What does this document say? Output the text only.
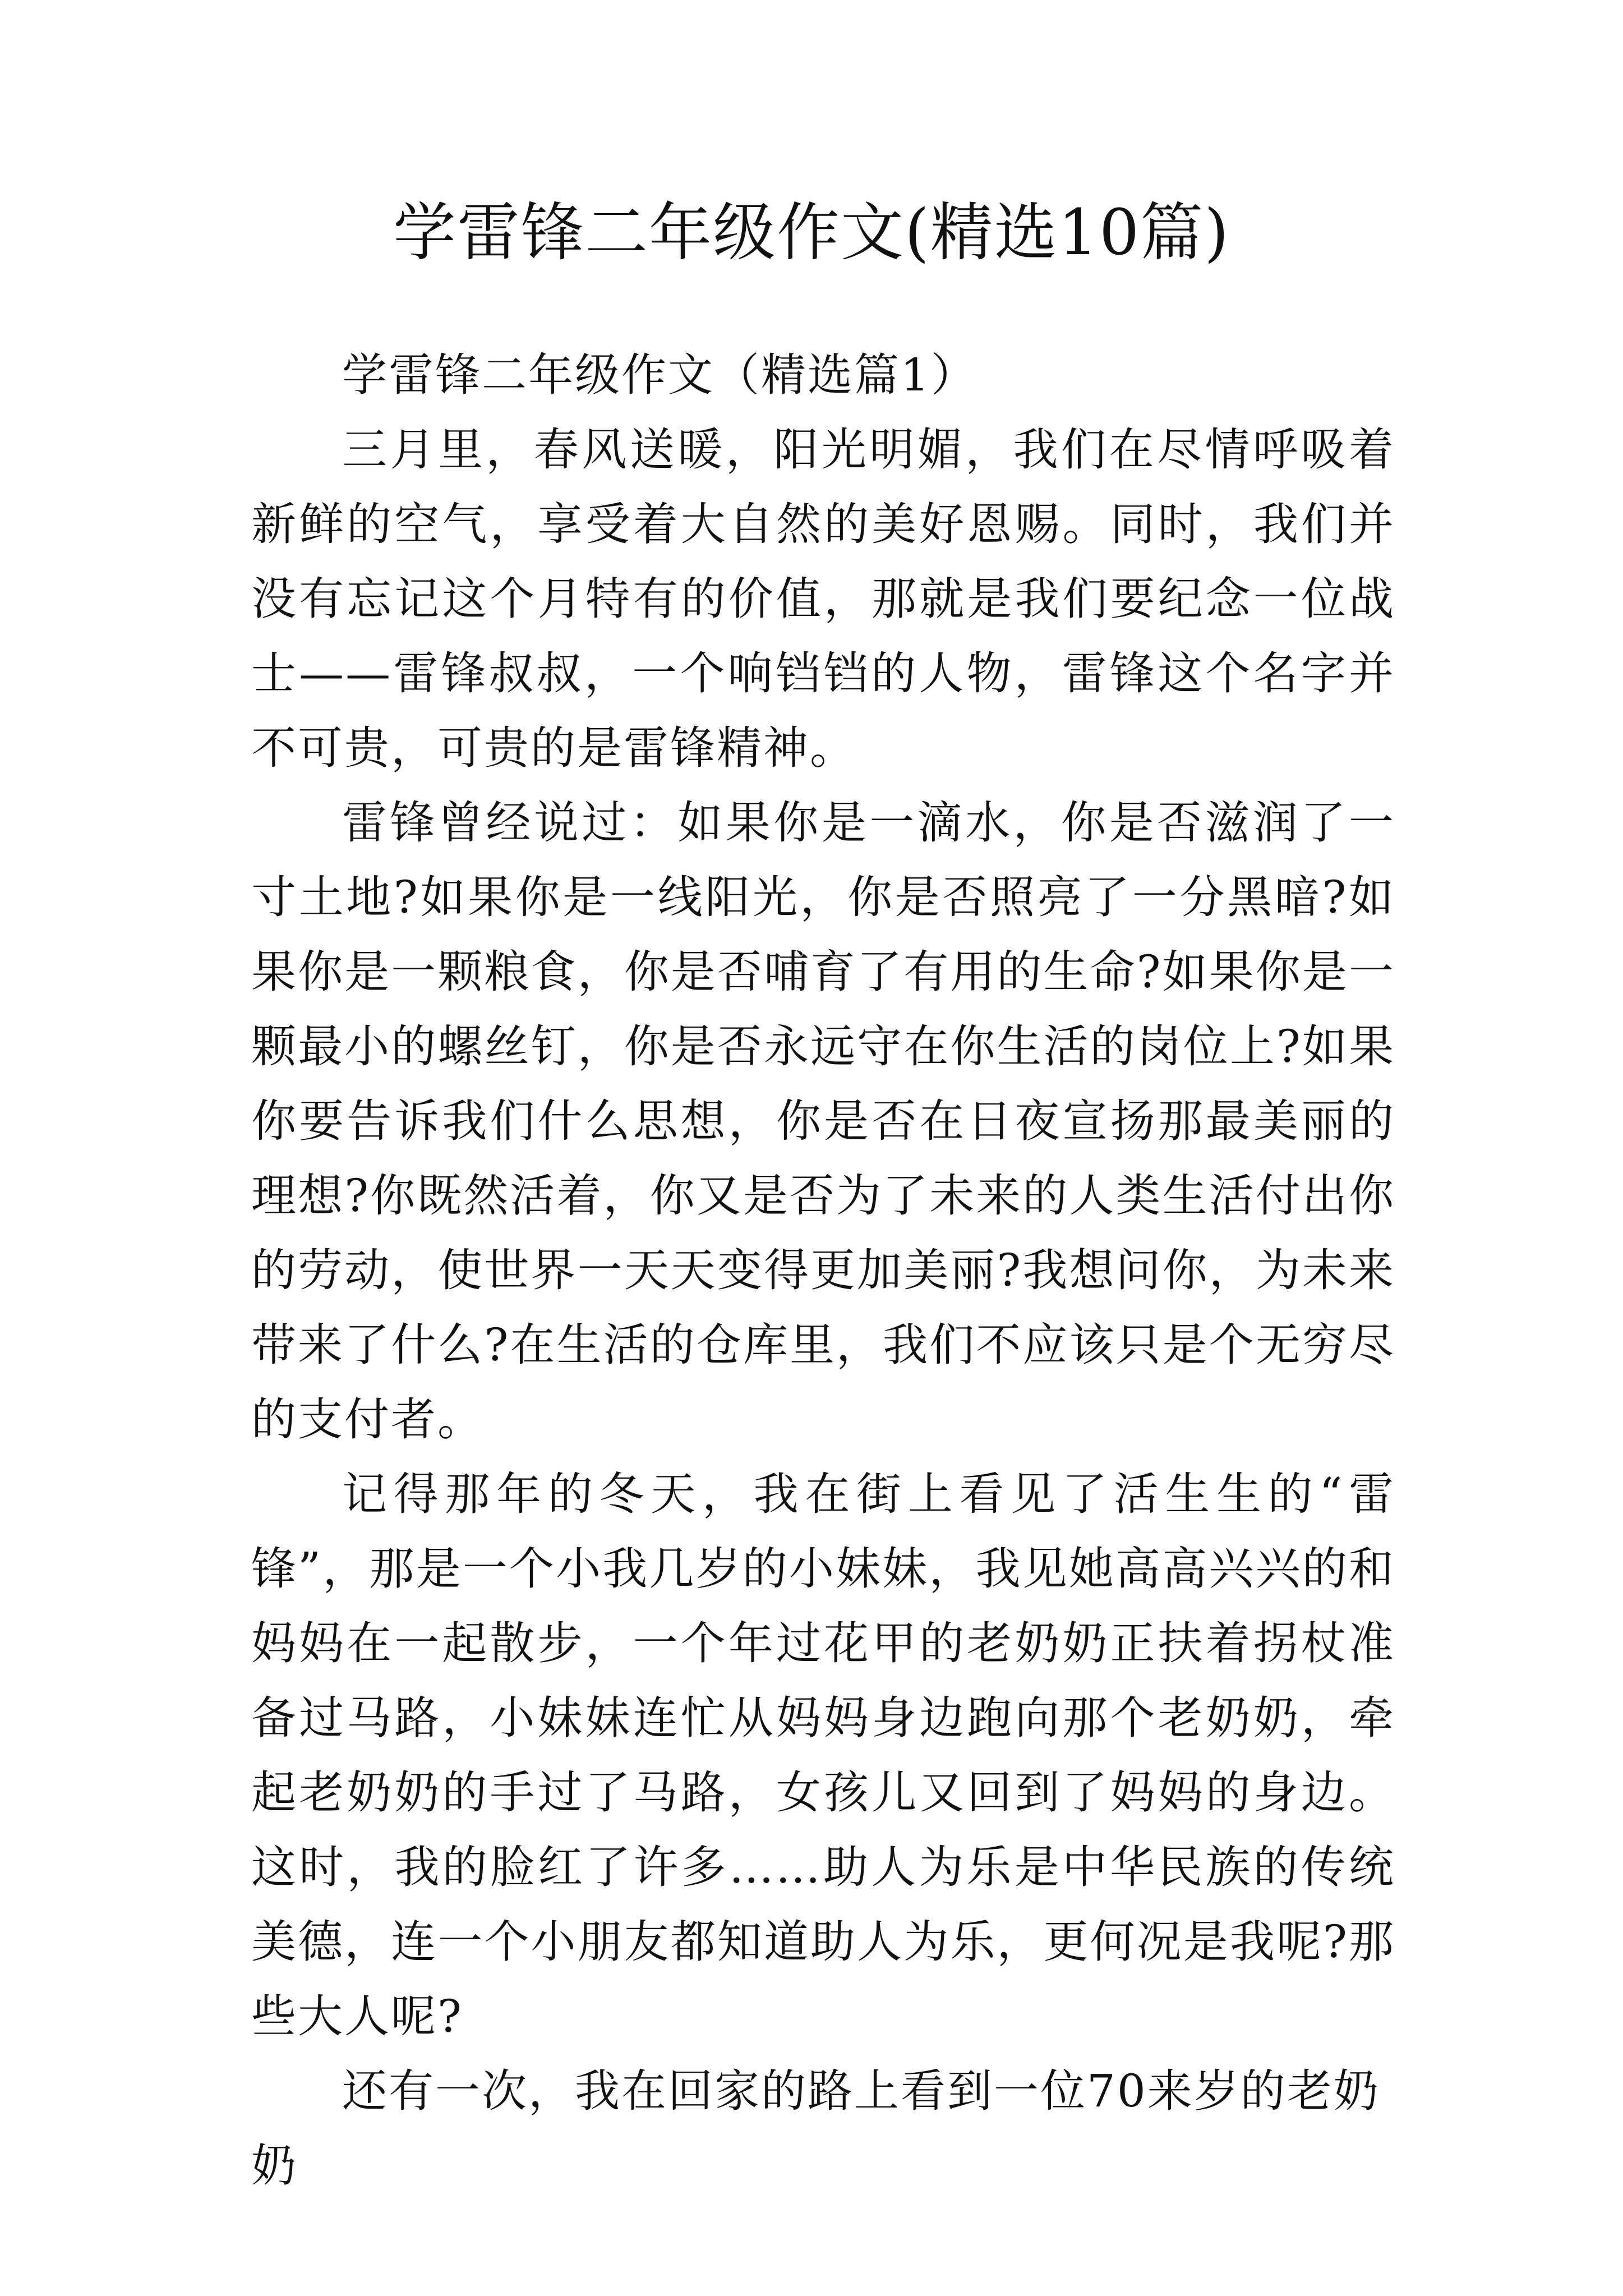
学雷锋二年级作文(精选10篇)

学雷锋二年级作文（精选篇1）

三月里，春风送暖，阳光明媚，我们在尽情呼吸着新鲜的空气，享受着大自然的美好恩赐。同时，我们并没有忘记这个月特有的价值，那就是我们要纪念一位战士——雷锋叔叔，一个响铛铛的人物，雷锋这个名字并不可贵，可贵的是雷锋精神。

雷锋曾经说过：如果你是一滴水，你是否滋润了一寸土地?如果你是一线阳光，你是否照亮了一分黑暗?如果你是一颗粮食，你是否哺育了有用的生命?如果你是一颗最小的螺丝钉，你是否永远守在你生活的岗位上?如果你要告诉我们什么思想，你是否在日夜宣扬那最美丽的理想?你既然活着，你又是否为了未来的人类生活付出你的劳动，使世界一天天变得更加美丽?我想问你，为未来带来了什么?在生活的仓库里，我们不应该只是个无穷尽的支付者。

记得那年的冬天，我在街上看见了活生生的“雷锋”，那是一个小我几岁的小妹妹，我见她高高兴兴的和妈妈在一起散步，一个年过花甲的老奶奶正扶着拐杖准备过马路，小妹妹连忙从妈妈身边跑向那个老奶奶，牵起老奶奶的手过了马路，女孩儿又回到了妈妈的身边。这时，我的脸红了许多……助人为乐是中华民族的传统美德，连一个小朋友都知道助人为乐，更何况是我呢?那些大人呢?

还有一次，我在回家的路上看到一位70来岁的老奶奶
